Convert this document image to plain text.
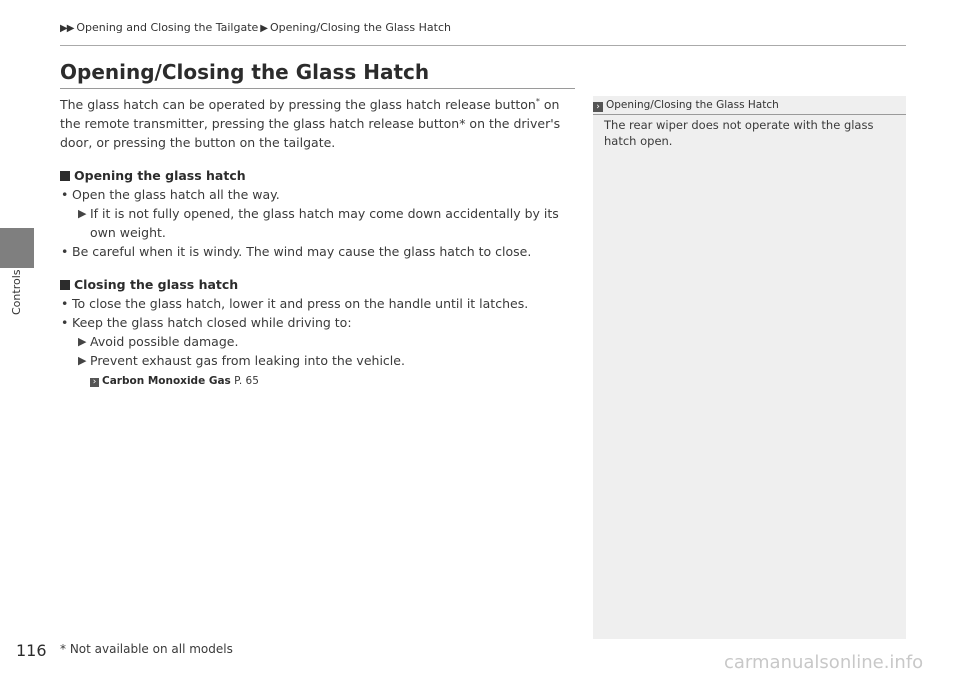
Controls
▶▶ Opening and Closing the Tailgate ▶ Opening/Closing the Glass Hatch
Opening/Closing the Glass Hatch

The glass hatch can be operated by pressing the glass hatch release button* on the remote transmitter, pressing the glass hatch release button* on the driver's door, or pressing the button on the tailgate.

Opening the glass hatch
• Open the glass hatch all the way.
▶ If it is not fully opened, the glass hatch may come down accidentally by its own weight.
• Be careful when it is windy. The wind may cause the glass hatch to close.
Closing the glass hatch
• To close the glass hatch, lower it and press on the handle until it latches.
• Keep the glass hatch closed while driving to:
▶ Avoid possible damage.
▶ Prevent exhaust gas from leaking into the vehicle.
› Carbon Monoxide Gas P. 65
› Opening/Closing the Glass Hatch
The rear wiper does not operate with the glass hatch open.
116 * Not available on all models
carmanualsonline.info
